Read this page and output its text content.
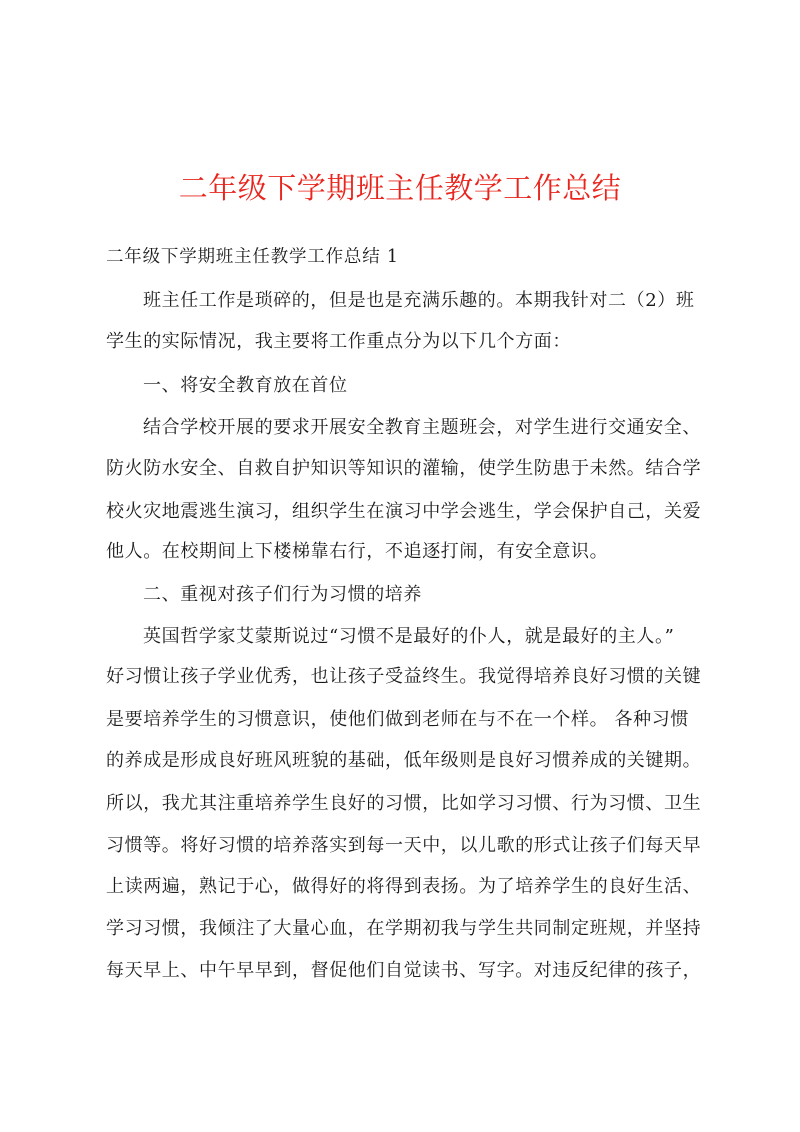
二年级下学期班主任教学工作总结
二年级下学期班主任教学工作总结 1
班主任工作是琐碎的，但是也是充满乐趣的。本期我针对二（2）班
学生的实际情况，我主要将工作重点分为以下几个方面：
一、将安全教育放在首位
结合学校开展的要求开展安全教育主题班会，对学生进行交通安全、
防火防水安全、自救自护知识等知识的灌输，使学生防患于未然。结合学
校火灾地震逃生演习，组织学生在演习中学会逃生，学会保护自己，关爱
他人。在校期间上下楼梯靠右行，不追逐打闹，有安全意识。
二、重视对孩子们行为习惯的培养
英国哲学家艾蒙斯说过“习惯不是最好的仆人，就是最好的主人。”
好习惯让孩子学业优秀，也让孩子受益终生。我觉得培养良好习惯的关键
是要培养学生的习惯意识，使他们做到老师在与不在一个样。 各种习惯
的养成是形成良好班风班貌的基础，低年级则是良好习惯养成的关键期。
所以，我尤其注重培养学生良好的习惯，比如学习习惯、行为习惯、卫生
习惯等。将好习惯的培养落实到每一天中，以儿歌的形式让孩子们每天早
上读两遍，熟记于心，做得好的将得到表扬。为了培养学生的良好生活、
学习习惯，我倾注了大量心血，在学期初我与学生共同制定班规，并坚持
每天早上、中午早早到，督促他们自觉读书、写字。对违反纪律的孩子，
